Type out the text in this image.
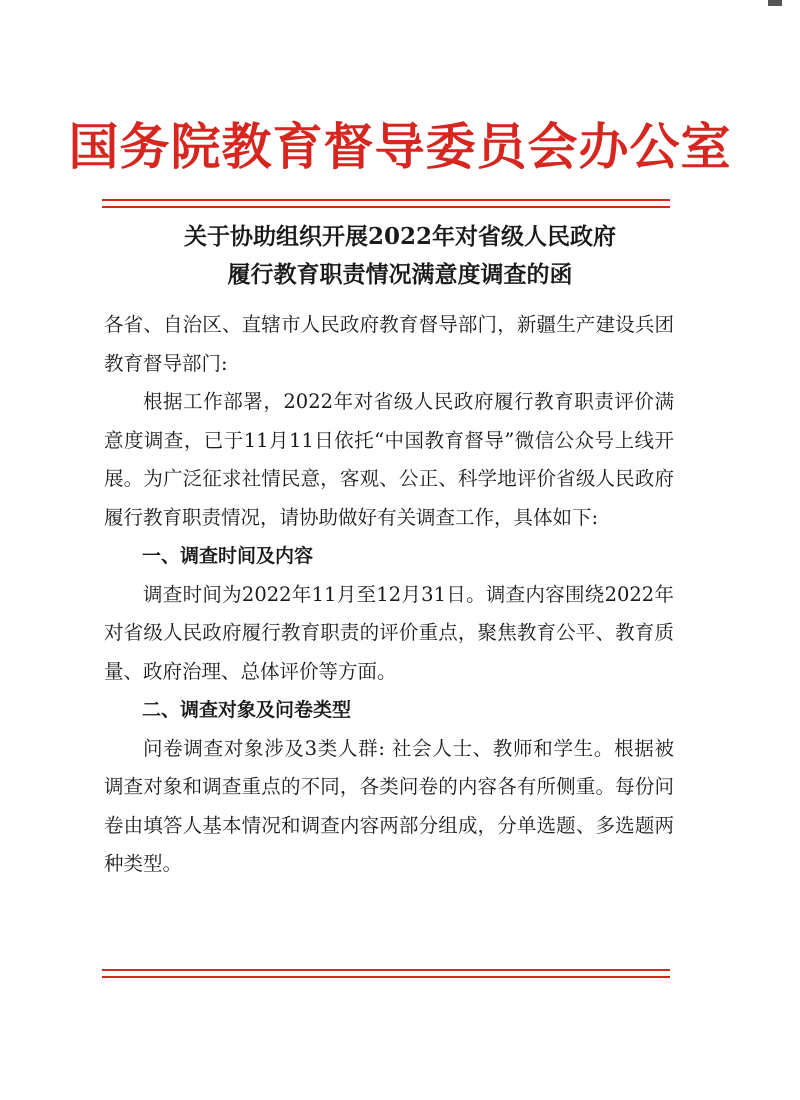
国务院教育督导委员会办公室
关于协助组织开展2022年对省级人民政府
履行教育职责情况满意度调查的函

各省、自治区、直辖市人民政府教育督导部门，新疆生产建设兵团教育督导部门:

根据工作部署，2022年对省级人民政府履行教育职责评价满意度调查，已于11月11日依托“中国教育督导”微信公众号上线开展。为广泛征求社情民意，客观、公正、科学地评价省级人民政府履行教育职责情况，请协助做好有关调查工作，具体如下:

一、调查时间及内容

调查时间为2022年11月至12月31日。调查内容围绕2022年对省级人民政府履行教育职责的评价重点，聚焦教育公平、教育质量、政府治理、总体评价等方面。

二、调查对象及问卷类型

问卷调查对象涉及3类人群: 社会人士、教师和学生。根据被调查对象和调查重点的不同，各类问卷的内容各有所侧重。每份问卷由填答人基本情况和调查内容两部分组成，分单选题、多选题两种类型。
